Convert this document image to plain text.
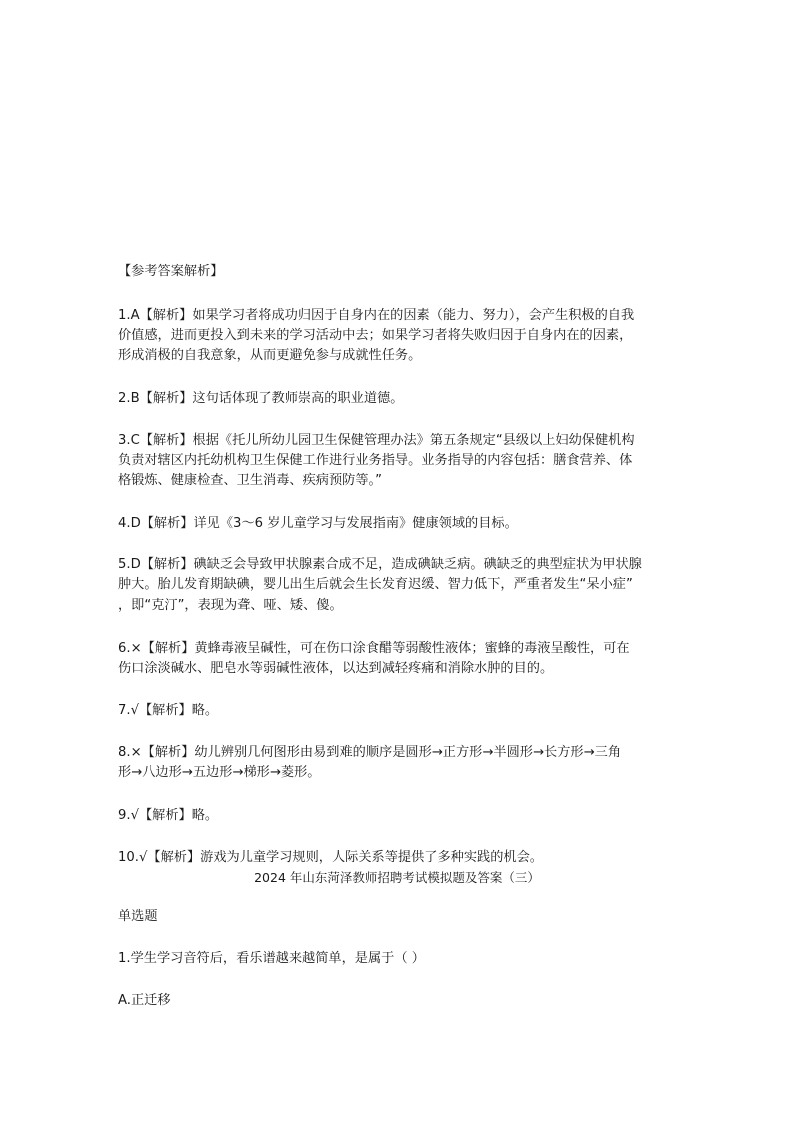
【参考答案解析】

1.A【解析】如果学习者将成功归因于自身内在的因素（能力、努力），会产生积极的自我

价值感，进而更投入到未来的学习活动中去；如果学习者将失败归因于自身内在的因素，

形成消极的自我意象，从而更避免参与成就性任务。

2.B【解析】这句话体现了教师崇高的职业道德。

3.C【解析】根据《托儿所幼儿园卫生保健管理办法》第五条规定“县级以上妇幼保健机构

负责对辖区内托幼机构卫生保健工作进行业务指导。业务指导的内容包括：膳食营养、体

格锻炼、健康检查、卫生消毒、疾病预防等。”

4.D【解析】详见《3～6 岁儿童学习与发展指南》健康领域的目标。

5.D【解析】碘缺乏会导致甲状腺素合成不足，造成碘缺乏病。碘缺乏的典型症状为甲状腺

肿大。胎儿发育期缺碘，婴儿出生后就会生长发育迟缓、智力低下，严重者发生“呆小症”

，即“克汀”，表现为聋、哑、矮、傻。

6.×【解析】黄蜂毒液呈碱性，可在伤口涂食醋等弱酸性液体；蜜蜂的毒液呈酸性，可在

伤口涂淡碱水、肥皂水等弱碱性液体，以达到减轻疼痛和消除水肿的目的。

7.√【解析】略。

8.×【解析】幼儿辨别几何图形由易到难的顺序是圆形→正方形→半圆形→长方形→三角

形→八边形→五边形→梯形→菱形。

9.√【解析】略。

10.√【解析】游戏为儿童学习规则，人际关系等提供了多种实践的机会。

2024 年山东菏泽教师招聘考试模拟题及答案（三）

单选题

1.学生学习音符后，看乐谱越来越简单，是属于（ ）

A.正迁移
